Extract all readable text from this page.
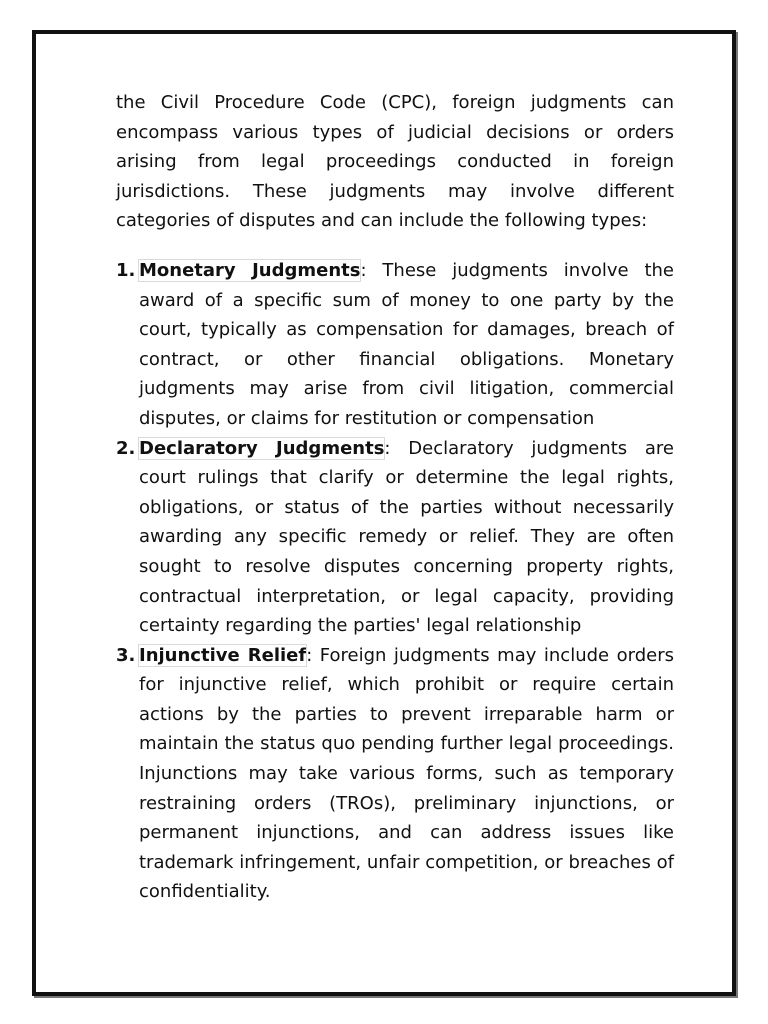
the Civil Procedure Code (CPC), foreign judgments can encompass various types of judicial decisions or orders arising from legal proceedings conducted in foreign jurisdictions. These judgments may involve different categories of disputes and can include the following types:

1. Monetary Judgments: These judgments involve the award of a specific sum of money to one party by the court, typically as compensation for damages, breach of contract, or other financial obligations. Monetary judgments may arise from civil litigation, commercial disputes, or claims for restitution or compensation
2. Declaratory Judgments: Declaratory judgments are court rulings that clarify or determine the legal rights, obligations, or status of the parties without necessarily awarding any specific remedy or relief. They are often sought to resolve disputes concerning property rights, contractual interpretation, or legal capacity, providing certainty regarding the parties' legal relationship
3. Injunctive Relief: Foreign judgments may include orders for injunctive relief, which prohibit or require certain actions by the parties to prevent irreparable harm or maintain the status quo pending further legal proceedings. Injunctions may take various forms, such as temporary restraining orders (TROs), preliminary injunctions, or permanent injunctions, and can address issues like trademark infringement, unfair competition, or breaches of confidentiality.
